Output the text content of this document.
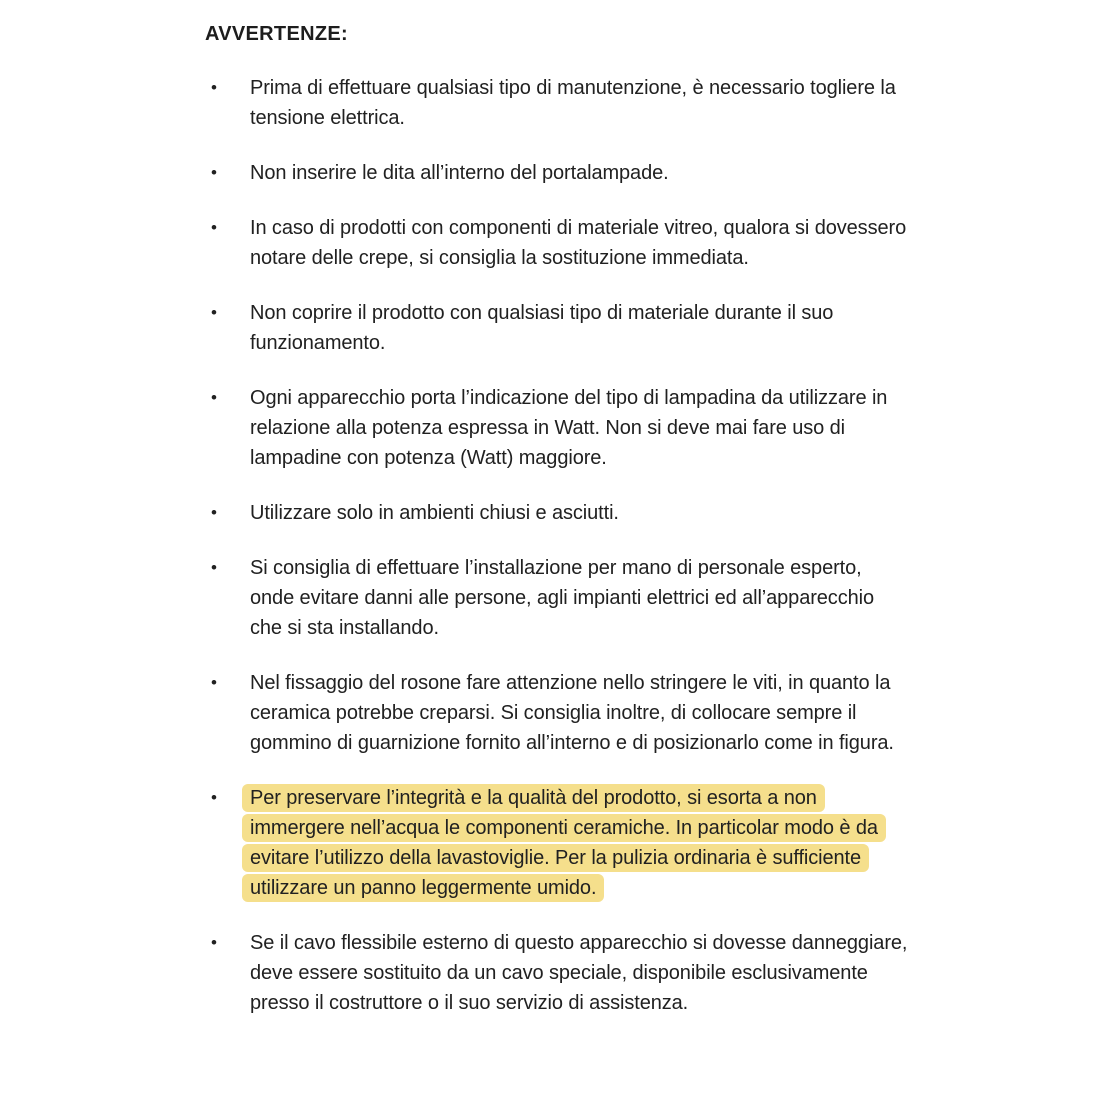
AVVERTENZE:
•	Prima di effettuare qualsiasi tipo di manutenzione, è necessario togliere la tensione elettrica.
•	Non inserire le dita all’interno del portalampade.
•	In caso di prodotti con componenti di materiale vitreo, qualora si dovessero notare delle crepe, si consiglia la sostituzione immediata.
•	Non coprire il prodotto con qualsiasi tipo di materiale durante il suo funzionamento.
•	Ogni apparecchio porta l’indicazione del tipo di lampadina da utilizzare in relazione alla potenza espressa in Watt. Non si deve mai fare uso di lampadine con potenza (Watt) maggiore.
•	Utilizzare solo in ambienti chiusi e asciutti.
•	Si consiglia di effettuare l’installazione per mano di personale esperto, onde evitare danni alle persone, agli impianti elettrici ed all’apparecchio che si sta installando.
•	Nel fissaggio del rosone fare attenzione nello stringere le viti, in quanto la ceramica potrebbe creparsi. Si consiglia inoltre, di collocare sempre il gommino di guarnizione fornito all’interno e di posizionarlo come in figura.
•	Per preservare l’integrità e la qualità del prodotto, si esorta a non immergere nell’acqua le componenti ceramiche. In particolar modo è da evitare l’utilizzo della lavastoviglie. Per la pulizia ordinaria è sufficiente utilizzare un panno leggermente umido.
•	Se il cavo flessibile esterno di questo apparecchio si dovesse danneggiare, deve essere sostituito da un cavo speciale, disponibile esclusivamente presso il costruttore o il suo servizio di assistenza.
